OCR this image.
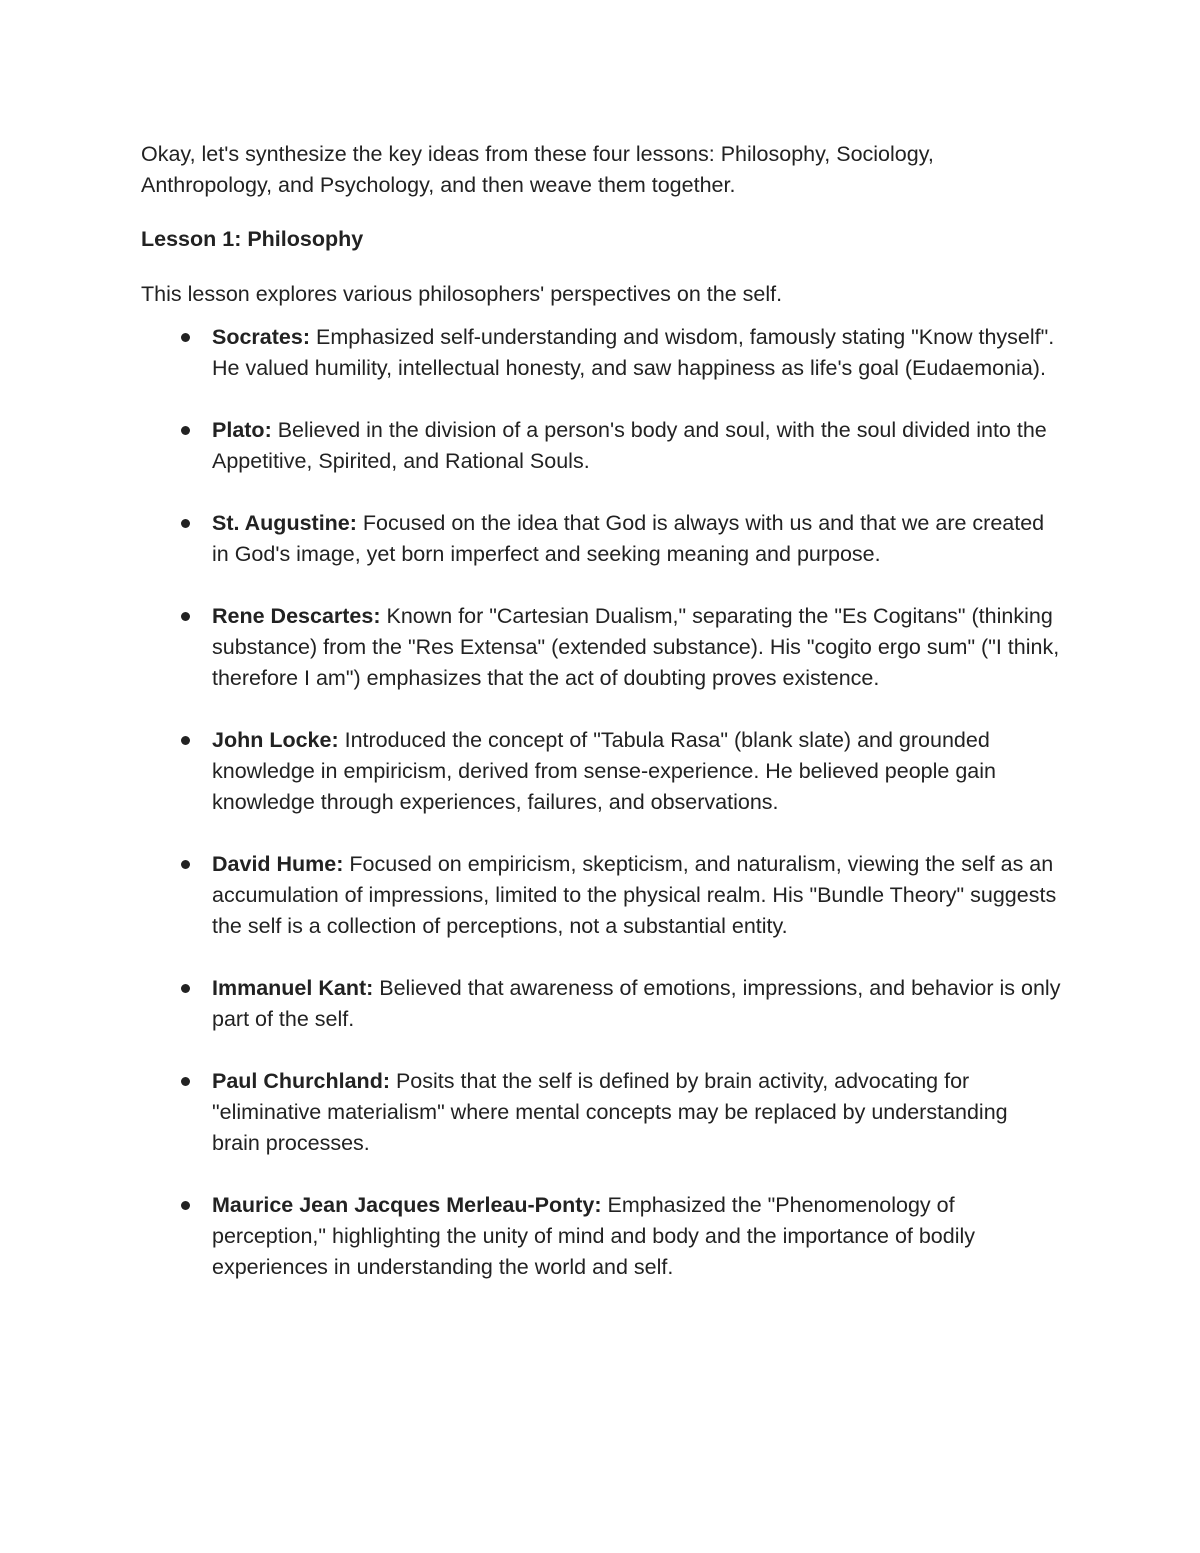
Okay, let's synthesize the key ideas from these four lessons: Philosophy, Sociology, Anthropology, and Psychology, and then weave them together.

Lesson 1: Philosophy

This lesson explores various philosophers' perspectives on the self.

Socrates: Emphasized self-understanding and wisdom, famously stating "Know thyself". He valued humility, intellectual honesty, and saw happiness as life's goal (Eudaemonia).
Plato: Believed in the division of a person's body and soul, with the soul divided into the Appetitive, Spirited, and Rational Souls.
St. Augustine: Focused on the idea that God is always with us and that we are created in God's image, yet born imperfect and seeking meaning and purpose.
Rene Descartes: Known for "Cartesian Dualism," separating the "Es Cogitans" (thinking substance) from the "Res Extensa" (extended substance). His "cogito ergo sum" ("I think, therefore I am") emphasizes that the act of doubting proves existence.
John Locke: Introduced the concept of "Tabula Rasa" (blank slate) and grounded knowledge in empiricism, derived from sense-experience. He believed people gain knowledge through experiences, failures, and observations.
David Hume: Focused on empiricism, skepticism, and naturalism, viewing the self as an accumulation of impressions, limited to the physical realm. His "Bundle Theory" suggests the self is a collection of perceptions, not a substantial entity.
Immanuel Kant: Believed that awareness of emotions, impressions, and behavior is only part of the self.
Paul Churchland: Posits that the self is defined by brain activity, advocating for "eliminative materialism" where mental concepts may be replaced by understanding brain processes.
Maurice Jean Jacques Merleau-Ponty: Emphasized the "Phenomenology of perception," highlighting the unity of mind and body and the importance of bodily experiences in understanding the world and self.
